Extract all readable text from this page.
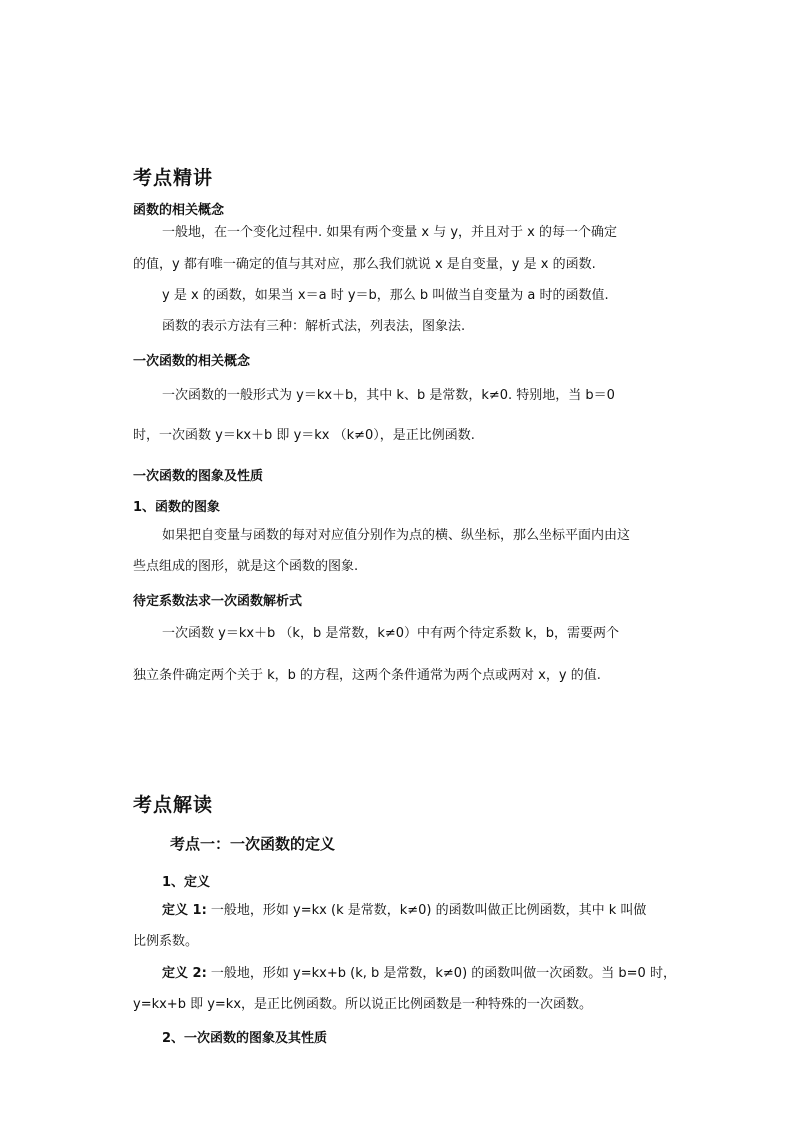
考点精讲
函数的相关概念
一般地，在一个变化过程中. 如果有两个变量 x 与 y，并且对于 x 的每一个确定
的值，y 都有唯一确定的值与其对应，那么我们就说 x 是自变量，y 是 x 的函数.
y 是 x 的函数，如果当 x＝a 时 y＝b，那么 b 叫做当自变量为 a 时的函数值.
函数的表示方法有三种：解析式法，列表法，图象法.
一次函数的相关概念
一次函数的一般形式为 y＝kx＋b，其中 k、b 是常数，k≠0. 特别地，当 b＝0
时，一次函数 y＝kx＋b 即 y＝kx （k≠0），是正比例函数.
一次函数的图象及性质
1、函数的图象
如果把自变量与函数的每对对应值分别作为点的横、纵坐标，那么坐标平面内由这
些点组成的图形，就是这个函数的图象.
待定系数法求一次函数解析式
一次函数 y＝kx＋b （k，b 是常数，k≠0）中有两个待定系数 k，b，需要两个
独立条件确定两个关于 k，b 的方程，这两个条件通常为两个点或两对 x，y 的值.
考点解读
考点一：一次函数的定义
1、定义
定义 1: 一般地，形如 y=kx (k 是常数，k≠0) 的函数叫做正比例函数，其中 k 叫做
比例系数。
定义 2: 一般地，形如 y=kx+b (k, b 是常数，k≠0) 的函数叫做一次函数。当 b=0 时，
y=kx+b 即 y=kx，是正比例函数。所以说正比例函数是一种特殊的一次函数。
2、一次函数的图象及其性质
